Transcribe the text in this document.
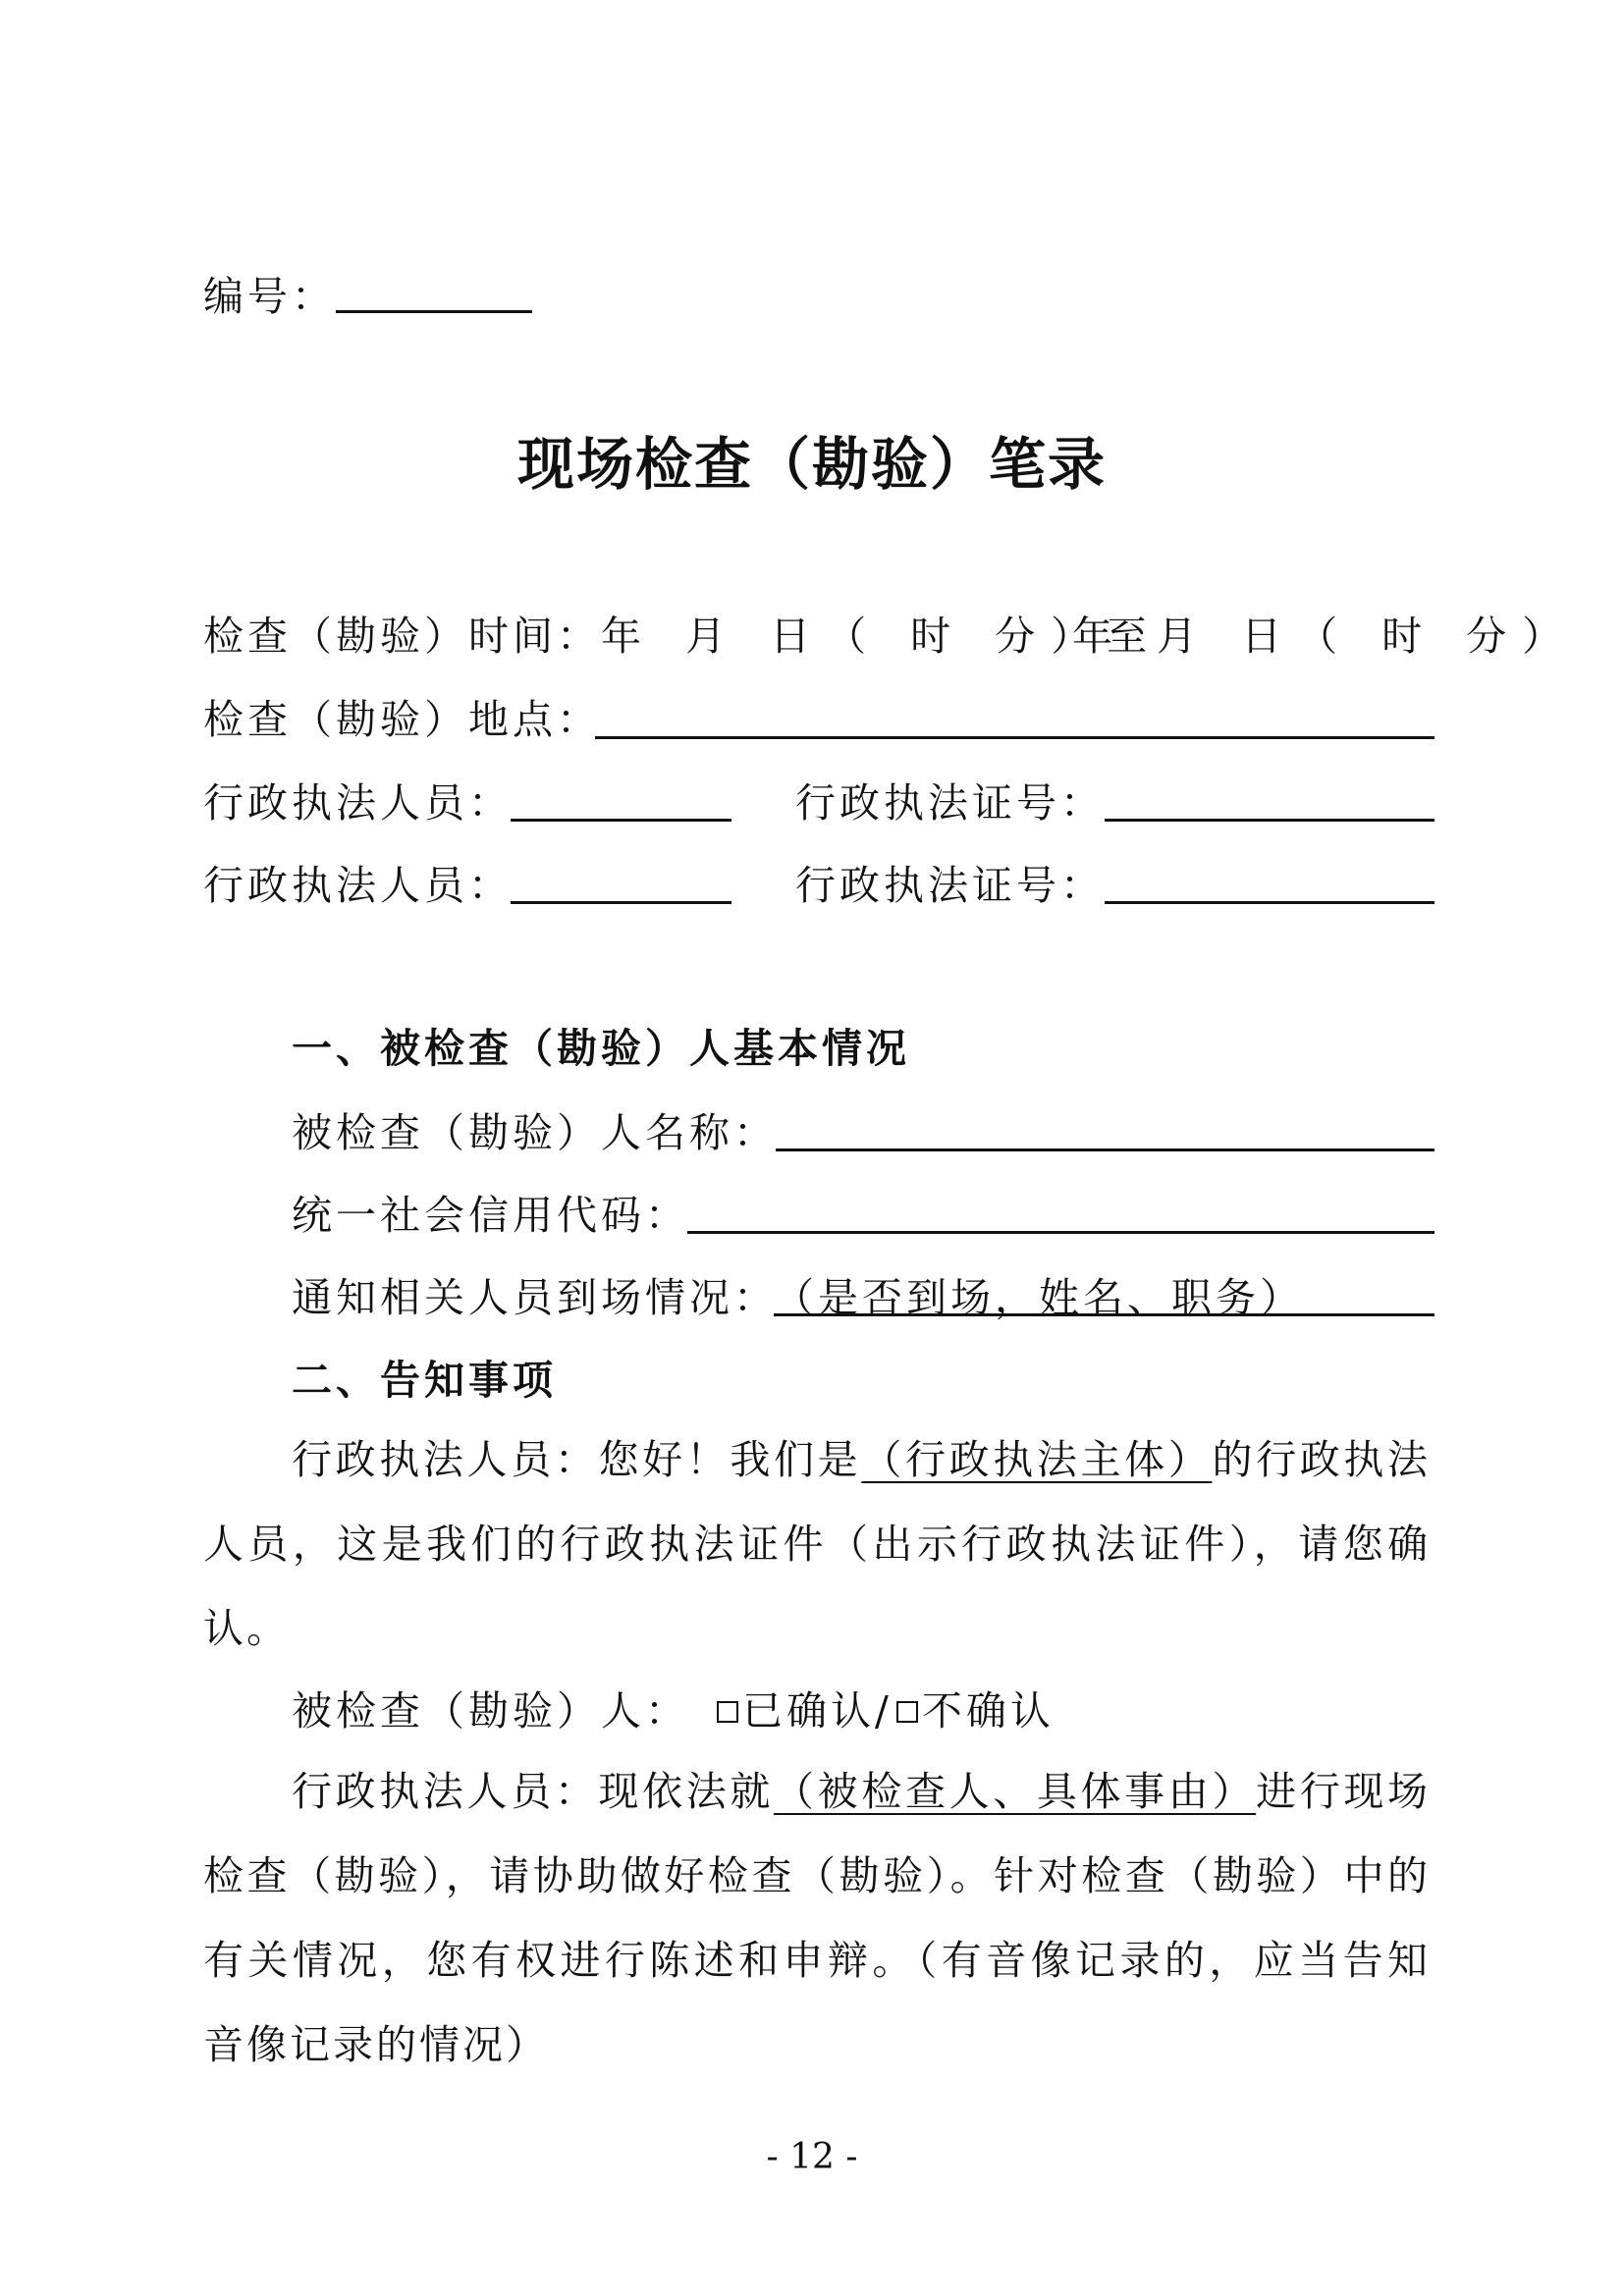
编号：
现场检查（勘验）笔录
检查（勘验）时间： 年 月 日（ 时 分）至
年 月 日（ 时 分）
检查（勘验）地点：
行政执法人员：	行政执法证号：
行政执法人员：	行政执法证号：
一、被检查（勘验）人基本情况
被检查（勘验）人名称：
统一社会信用代码：
通知相关人员到场情况：
（是否到场，姓名、职务）
二、告知事项
行政执法人员：您好！我们是（行政执法主体）的行政执法人员，这是我们的行政执法证件（出示行政执法证件），请您确认。
被检查（勘验）人： 已确认/ 不确认
行政执法人员：现依法就（被检查人、具体事由）进行现场检查（勘验），请协助做好检查（勘验）。针对检查（勘验）中的有关情况，您有权进行陈述和申辩。（有音像记录的，应当告知音像记录的情况）
- 12 -
